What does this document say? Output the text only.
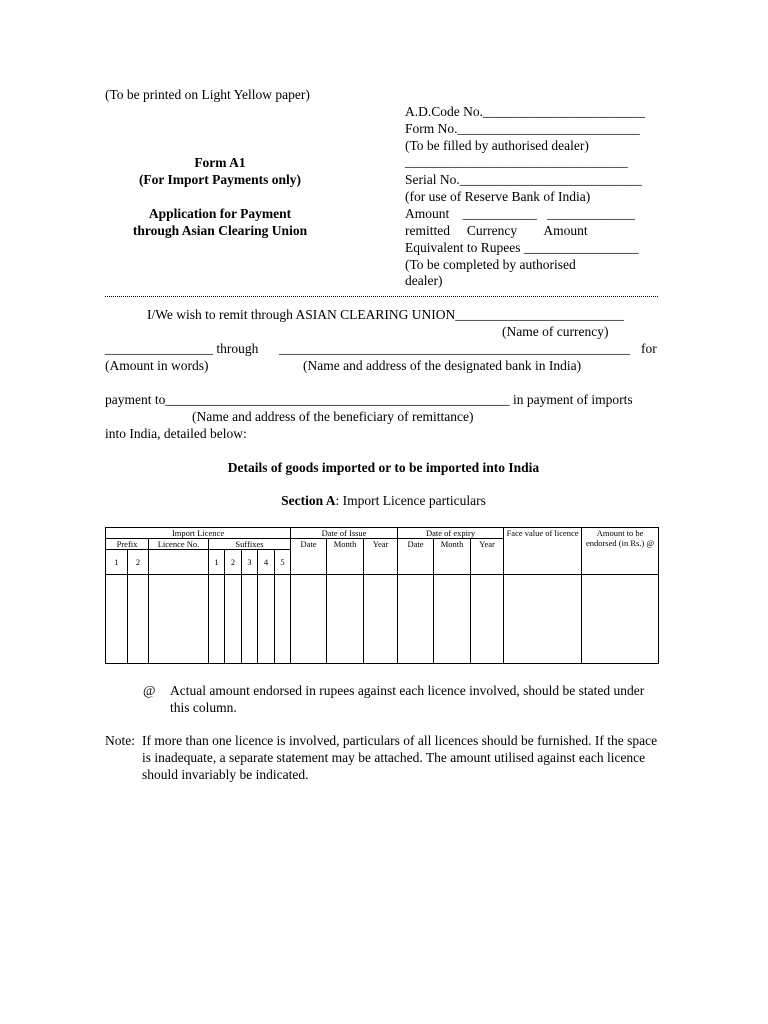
(To be printed on Light Yellow paper)
Form A1
(For Import Payments only)
Application for Payment
through Asian Clearing Union
A.D.Code No.________________________
Form No.___________________________
(To be filled by authorised dealer)
_________________________________
Serial No.___________________________
(for use of Reserve Bank of India)
Amount    ___________   _____________
remitted     Currency        Amount
Equivalent to Rupees _________________
(To be completed by authorised
dealer)
I/We wish to remit through ASIAN CLEARING UNION_________________________
(Name of currency)
________________ through ____________________________________________________ for
(Amount in words)	(Name and address of the designated bank in India)
payment to___________________________________________________ in payment of imports
(Name and address of the beneficiary of remittance)
into India, detailed below:
Details of goods imported or to be imported into India
Section A: Import Licence particulars
Import Licence								Date of Issue			Date of expiry			Face value of licence	Amount to be endorsed (in Rs.) @
Prefix		Licence No.	Suffixes					Date	Month	Year	Date	Month	Year		
1	2		1	2	3	4	5								

@ Actual amount endorsed in rupees against each licence involved, should be stated under this column.
Note: If more than one licence is involved, particulars of all licences should be furnished. If the space is inadequate, a separate statement may be attached. The amount utilised against each licence should invariably be indicated.
